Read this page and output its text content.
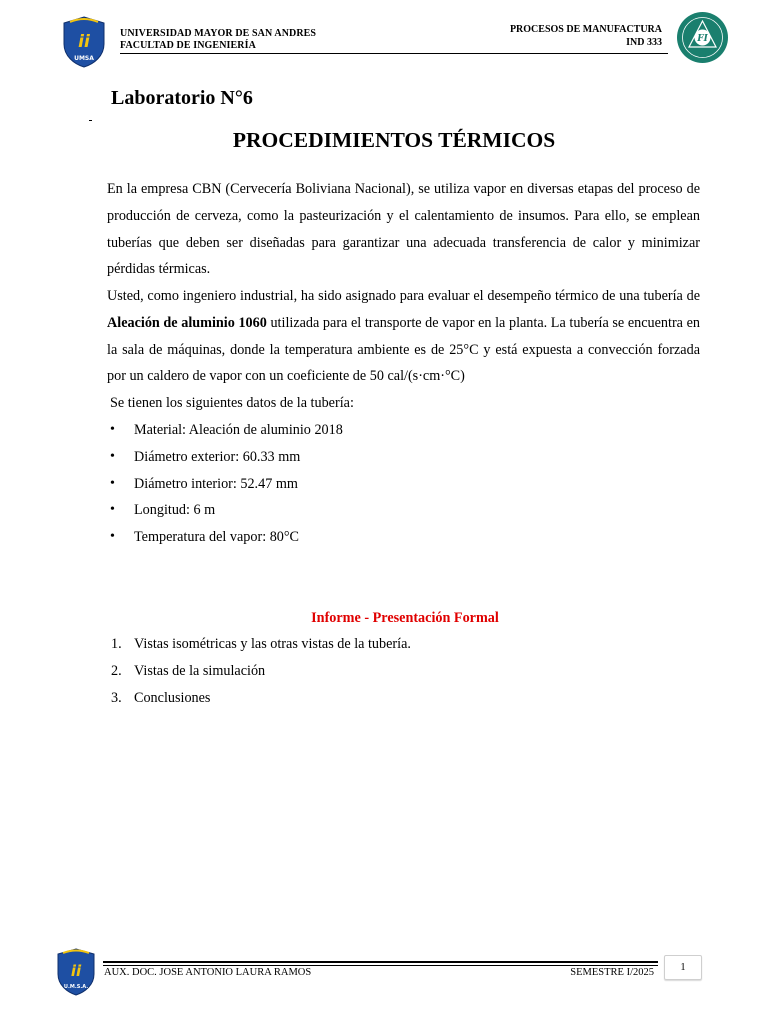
ii
UMSA
UNIVERSIDAD MAYOR DE SAN ANDRES
FACULTAD DE INGENIERÍA
PROCESOS DE MANUFACTURA
IND 333	FI
Laboratorio N°6
PROCEDIMIENTOS TÉRMICOS
En la empresa CBN (Cervecería Boliviana Nacional), se utiliza vapor en diversas etapas del proceso de producción de cerveza, como la pasteurización y el calentamiento de insumos. Para ello, se emplean tuberías que deben ser diseñadas para garantizar una adecuada transferencia de calor y minimizar pérdidas térmicas.
Usted, como ingeniero industrial, ha sido asignado para evaluar el desempeño térmico de una tubería de Aleación de aluminio 1060 utilizada para el transporte de vapor en la planta. La tubería se encuentra en la sala de máquinas, donde la temperatura ambiente es de 25°C y está expuesta a convección forzada por un caldero de vapor con un coeficiente de 50 cal/(s·cm·°C)
Se tienen los siguientes datos de la tubería:
• Material: Aleación de aluminio 2018
• Diámetro exterior: 60.33 mm
• Diámetro interior: 52.47 mm
• Longitud: 6 m
• Temperatura del vapor: 80°C
Informe - Presentación Formal
1. Vistas isométricas y las otras vistas de la tubería.
2. Vistas de la simulación
3. Conclusiones
ii
U.M.S.A.
AUX. DOC. JOSE ANTONIO LAURA RAMOS	SEMESTRE I/2025	1
